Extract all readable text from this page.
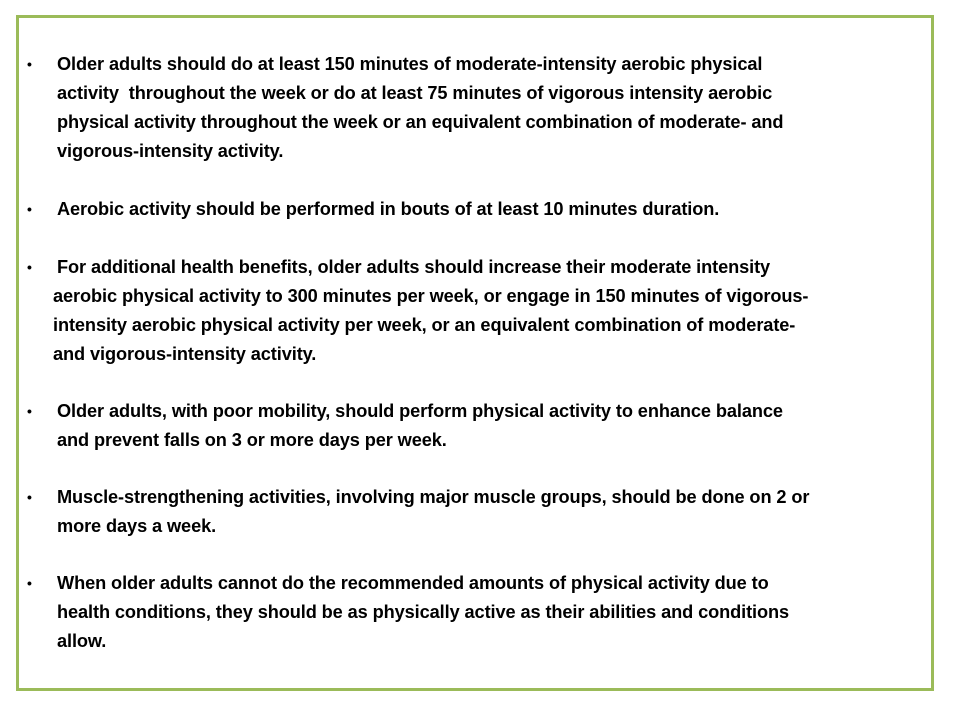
• Older adults should do at least 150 minutes of moderate-intensity aerobic physical
activity  throughout the week or do at least 75 minutes of vigorous intensity aerobic
physical activity throughout the week or an equivalent combination of moderate- and
vigorous-intensity activity.

• Aerobic activity should be performed in bouts of at least 10 minutes duration.

• For additional health benefits, older adults should increase their moderate intensity
aerobic physical activity to 300 minutes per week, or engage in 150 minutes of vigorous-
intensity aerobic physical activity per week, or an equivalent combination of moderate-
and vigorous-intensity activity.

• Older adults, with poor mobility, should perform physical activity to enhance balance
and prevent falls on 3 or more days per week.

• Muscle-strengthening activities, involving major muscle groups, should be done on 2 or
more days a week.

• When older adults cannot do the recommended amounts of physical activity due to
health conditions, they should be as physically active as their abilities and conditions
allow.
